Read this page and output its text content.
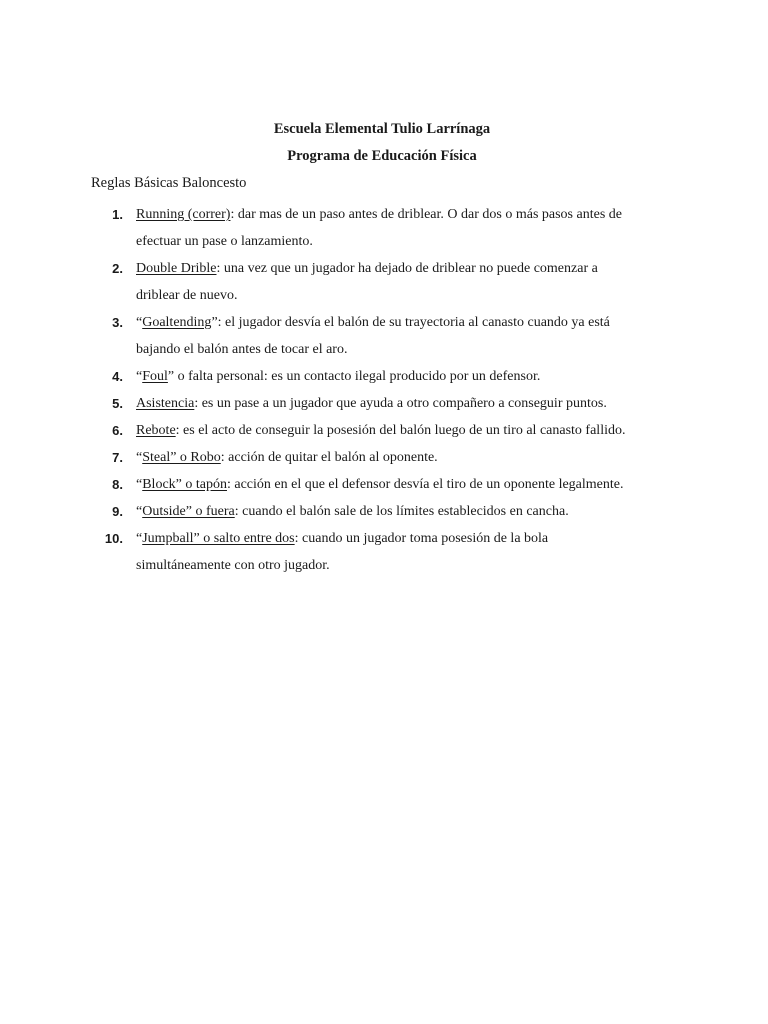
Escuela Elemental Tulio Larrínaga
Programa de Educación Física
Reglas Básicas Baloncesto
1. Running (correr): dar mas de un paso antes de driblear. O dar dos o más pasos antes de
efectuar un pase o lanzamiento.
2. Double Drible: una vez que un jugador ha dejado de driblear no puede comenzar a
driblear de nuevo.
3. “Goaltending”: el jugador desvía el balón de su trayectoria al canasto cuando ya está
bajando el balón antes de tocar el aro.
4. “Foul” o falta personal: es un contacto ilegal producido por un defensor.
5. Asistencia: es un pase a un jugador que ayuda a otro compañero a conseguir puntos.
6. Rebote: es el acto de conseguir la posesión del balón luego de un tiro al canasto fallido.
7. “Steal” o Robo: acción de quitar el balón al oponente.
8. “Block” o tapón: acción en el que el defensor desvía el tiro de un oponente legalmente.
9. “Outside” o fuera: cuando el balón sale de los límites establecidos en cancha.
10. “Jumpball” o salto entre dos: cuando un jugador toma posesión de la bola
simultáneamente con otro jugador.
